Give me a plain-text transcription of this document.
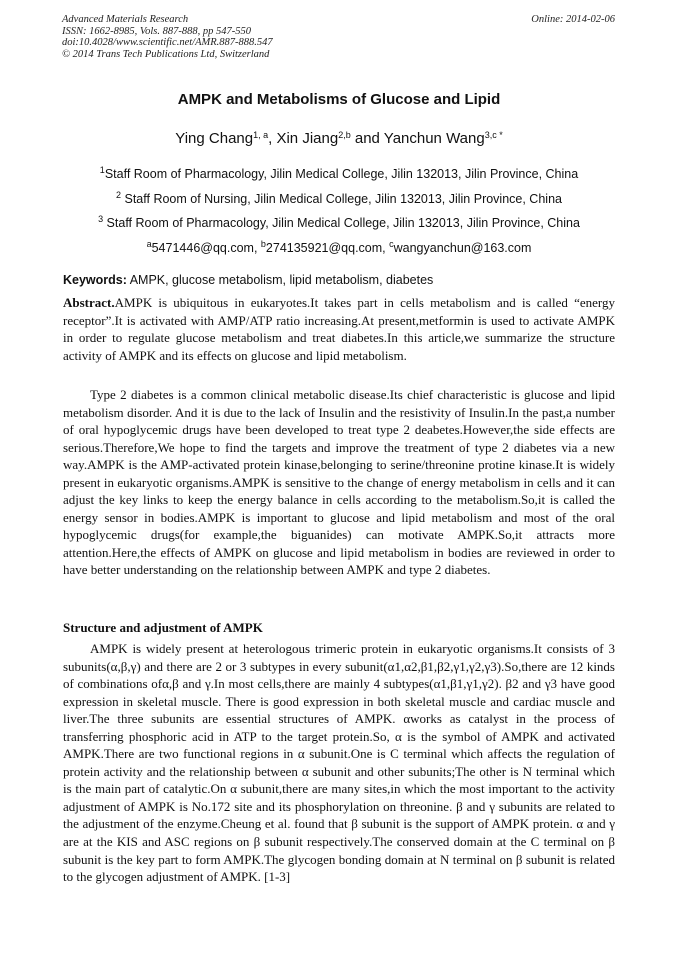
Advanced Materials Research
ISSN: 1662-8985, Vols. 887-888, pp 547-550
doi:10.4028/www.scientific.net/AMR.887-888.547
© 2014 Trans Tech Publications Ltd, Switzerland
Online: 2014-02-06
AMPK and Metabolisms of Glucose and Lipid
Ying Chang$^{1, a}$, Xin Jiang$^{2,b}$ and Yanchun Wang$^{3,c *}$
$^1$Staff Room of Pharmacology, Jilin Medical College, Jilin 132013, Jilin Province, China
$^2$ Staff Room of Nursing, Jilin Medical College, Jilin 132013, Jilin Province, China
$^3$ Staff Room of Pharmacology, Jilin Medical College, Jilin 132013, Jilin Province, China
$^a$5471446@qq.com, $^b$274135921@qq.com, $^c$wangyanchun@163.com
Keywords: AMPK, glucose metabolism, lipid metabolism, diabetes
Abstract.AMPK is ubiquitous in eukaryotes.It takes part in cells metabolism and is called “energy receptor”.It is activated with AMP/ATP ratio increasing.At present,metformin is used to activate AMPK in order to regulate glucose metabolism and treat diabetes.In this article,we summarize the structure activity of AMPK and its effects on glucose and lipid metabolism.
Type 2 diabetes is a common clinical metabolic disease.Its chief characteristic is glucose and lipid metabolism disorder. And it is due to the lack of Insulin and the resistivity of Insulin.In the past,a number of oral hypoglycemic drugs have been developed to treat type 2 deabetes.However,the side effects are serious.Therefore,We hope to find the targets and improve the treatment of type 2 diabetes via a new way.AMPK is the AMP-activated protein kinase,belonging to serine/threonine protine kinase.It is widely present in eukaryotic organisms.AMPK is sensitive to the change of energy metabolism in cells and it can adjust the key links to keep the energy balance in cells according to the metabolism.So,it is called the energy sensor in bodies.AMPK is important to glucose and lipid metabolism and most of the oral hypoglycemic drugs(for example,the biguanides) can motivate AMPK.So,it attracts more attention.Here,the effects of AMPK on glucose and lipid metabolism in bodies are reviewed in order to have better understanding on the relationship between AMPK and type 2 diabetes.
Structure and adjustment of AMPK
AMPK is widely present at heterologous trimeric protein in eukaryotic organisms.It consists of 3 subunits(α,β,γ) and there are 2 or 3 subtypes in every subunit(α1,α2,β1,β2,γ1,γ2,γ3).So,there are 12 kinds of combinations ofα,β and γ.In most cells,there are mainly 4 subtypes(α1,β1,γ1,γ2). β2 and γ3 have good expression in skeletal muscle. There is good expression in both skeletal muscle and cardiac muscle and liver.The three subunits are essential structures of AMPK. αworks as catalyst in the process of transferring phosphoric acid in ATP to the target protein.So, α is the symbol of AMPK and activated AMPK.There are two functional regions in α subunit.One is C terminal which affects the regulation of protein activity and the relationship between α subunit and other subunits;The other is N terminal which is the main part of catalytic.On α subunit,there are many sites,in which the most important to the activity adjustment of AMPK is No.172 site and its phosphorylation on threonine. β and γ subunits are related to the adjustment of the enzyme.Cheung et al. found that β subunit is the support of AMPK protein. α and γ are at the KIS and ASC regions on β subunit respectively.The conserved domain at the C terminal on β subunit is the key part to form AMPK.The glycogen bonding domain at N terminal on β subunit is related to the glycogen adjustment of AMPK. [1-3]
